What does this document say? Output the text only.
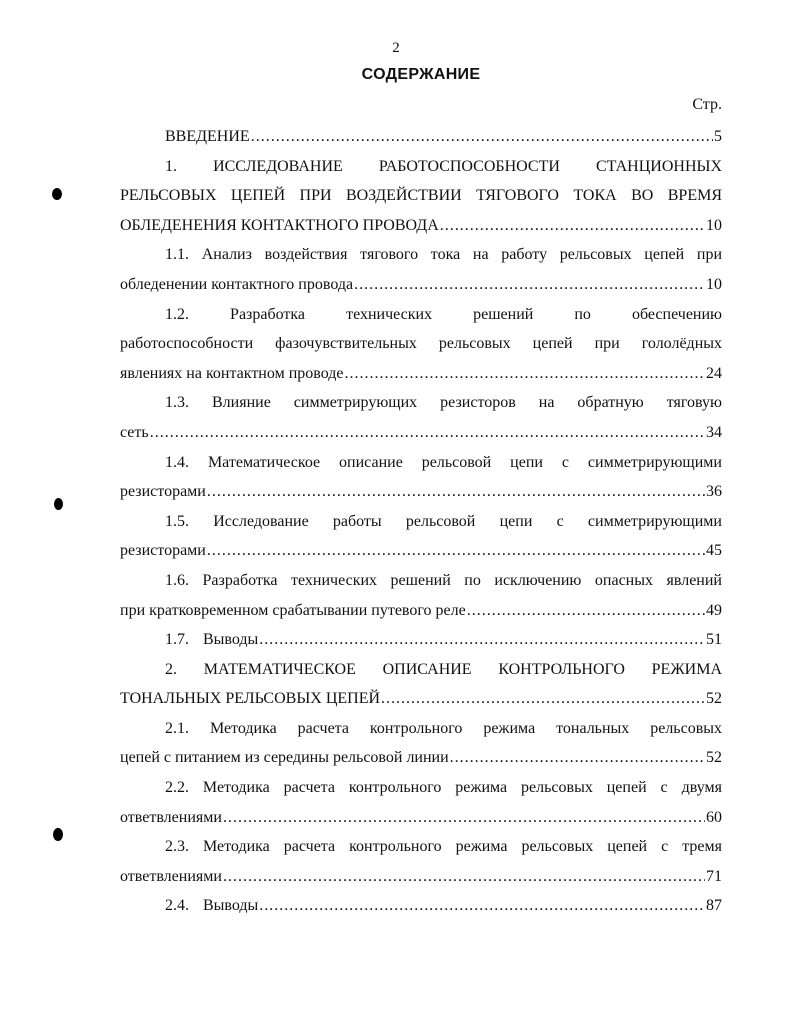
2
СОДЕРЖАНИЕ
Стр.
ВВЕДЕНИЕ .....	5
1. ИССЛЕДОВАНИЕ РАБОТОСПОСОБНОСТИ СТАНЦИОННЫХ
РЕЛЬСОВЫХ ЦЕПЕЙ ПРИ ВОЗДЕЙСТВИИ ТЯГОВОГО ТОКА ВО ВРЕМЯ
ОБЛЕДЕНЕНИЯ КОНТАКТНОГО ПРОВОДА .....	10
1.1. Анализ воздействия тягового тока на работу рельсовых цепей при
обледенении контактного провода .....	10
1.2.	Разработка технических решений по обеспечению
работоспособности фазочувствительных рельсовых цепей при гололёдных
явлениях на контактном проводе .....	24
1.3. Влияние симметрирующих резисторов на обратную тяговую
сеть .....	34
1.4. Математическое описание рельсовой цепи с симметрирующими
резисторами .....	36
1.5. Исследование работы рельсовой цепи с симметрирующими
резисторами .....	45
1.6. Разработка технических решений по исключению опасных явлений
при кратковременном срабатывании путевого реле .....	49
1.7. Выводы .....	51
2. МАТЕМАТИЧЕСКОЕ ОПИСАНИЕ КОНТРОЛЬНОГО РЕЖИМА
ТОНАЛЬНЫХ РЕЛЬСОВЫХ ЦЕПЕЙ .....	52
2.1. Методика расчета контрольного режима тональных рельсовых
цепей с питанием из середины рельсовой линии .....	52
2.2. Методика расчета контрольного режима рельсовых цепей с двумя
ответвлениями .....	60
2.3. Методика расчета контрольного режима рельсовых цепей с тремя
ответвлениями .....	71
2.4. Выводы .....	87
